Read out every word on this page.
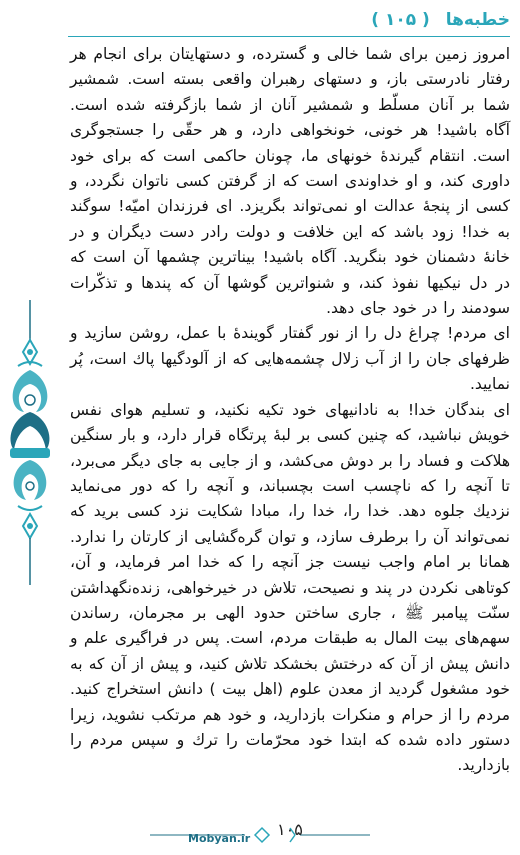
خطبه‌ها ( ۱۰۵ )

امروز زمین برای شما خالی و گسترده، و دستهایتان برای انجام هر رفتار نادرستی باز، و دستهای رهبران واقعی بسته است. شمشیر شما بر آنان مسلّط و شمشیر آنان از شما بازگرفته شده است. آگاه باشید! هر خونی، خونخواهی دارد، و هر حقّی را جستجوگری است. انتقام گیرندهٔ خونهای ما، چونان حاکمی است که برای خود داوری کند، و او خداوندی است که از گرفتن کسی ناتوان نگردد، و کسی از پنجهٔ عدالت او نمی‌تواند بگریزد. ای فرزندان امیّه! سوگند به خدا! زود باشد که این خلافت و دولت رادر دست دیگران و در خانهٔ دشمنان خود بنگرید. آگاه باشید! بیناترین چشمها آن است که در دل نیکیها نفوذ کند، و شنواترین گوشها آن که پندها و تذکّرات سودمند را در خود جای دهد.

ای مردم! چراغ دل را از نور گفتار گویندهٔ با عمل، روشن سازید و ظرفهای جان را از آب زلال چشمه‌هایی که از آلودگیها پاك است، پُر نمایید.

ای بندگان خدا! به نادانیهای خود تکیه نکنید، و تسلیم هوای نفس خویش نباشید، که چنین کسی بر لبهٔ پرتگاه قرار دارد، و بار سنگین هلاکت و فساد را بر دوش می‌کشد، و از جایی به جای دیگر می‌برد، تا آنچه را که ناچسب است بچسباند، و آنچه را که دور می‌نماید نزدیك جلوه دهد. خدا را، خدا را، مبادا شکایت نزد کسی برید که نمی‌تواند آن را برطرف سازد، و توان گره‌گشایی از کارتان را ندارد. همانا بر امام واجب نیست جز آنچه را که خدا امر فرماید، و آن، کوتاهی نکردن در پند و نصیحت، تلاش در خیرخواهی، زنده‌نگهداشتن سنّت پیامبر ﷺ ، جاری ساختن حدود الهی بر مجرمان، رساندن سهم‌های بیت المال به طبقات مردم، است. پس در فراگیری علم و دانش پیش از آن که درختش بخشکد تلاش کنید، و پیش از آن که به خود مشغول گردید از معدن علوم (اهل بیت ) دانش استخراج کنید. مردم را از حرام و منکرات بازدارید، و خود هم مرتکب نشوید، زیرا دستور داده شده که ابتدا خود محرّمات را ترك و سپس مردم را بازدارید.

Mobyan.ir ۱۰۵
